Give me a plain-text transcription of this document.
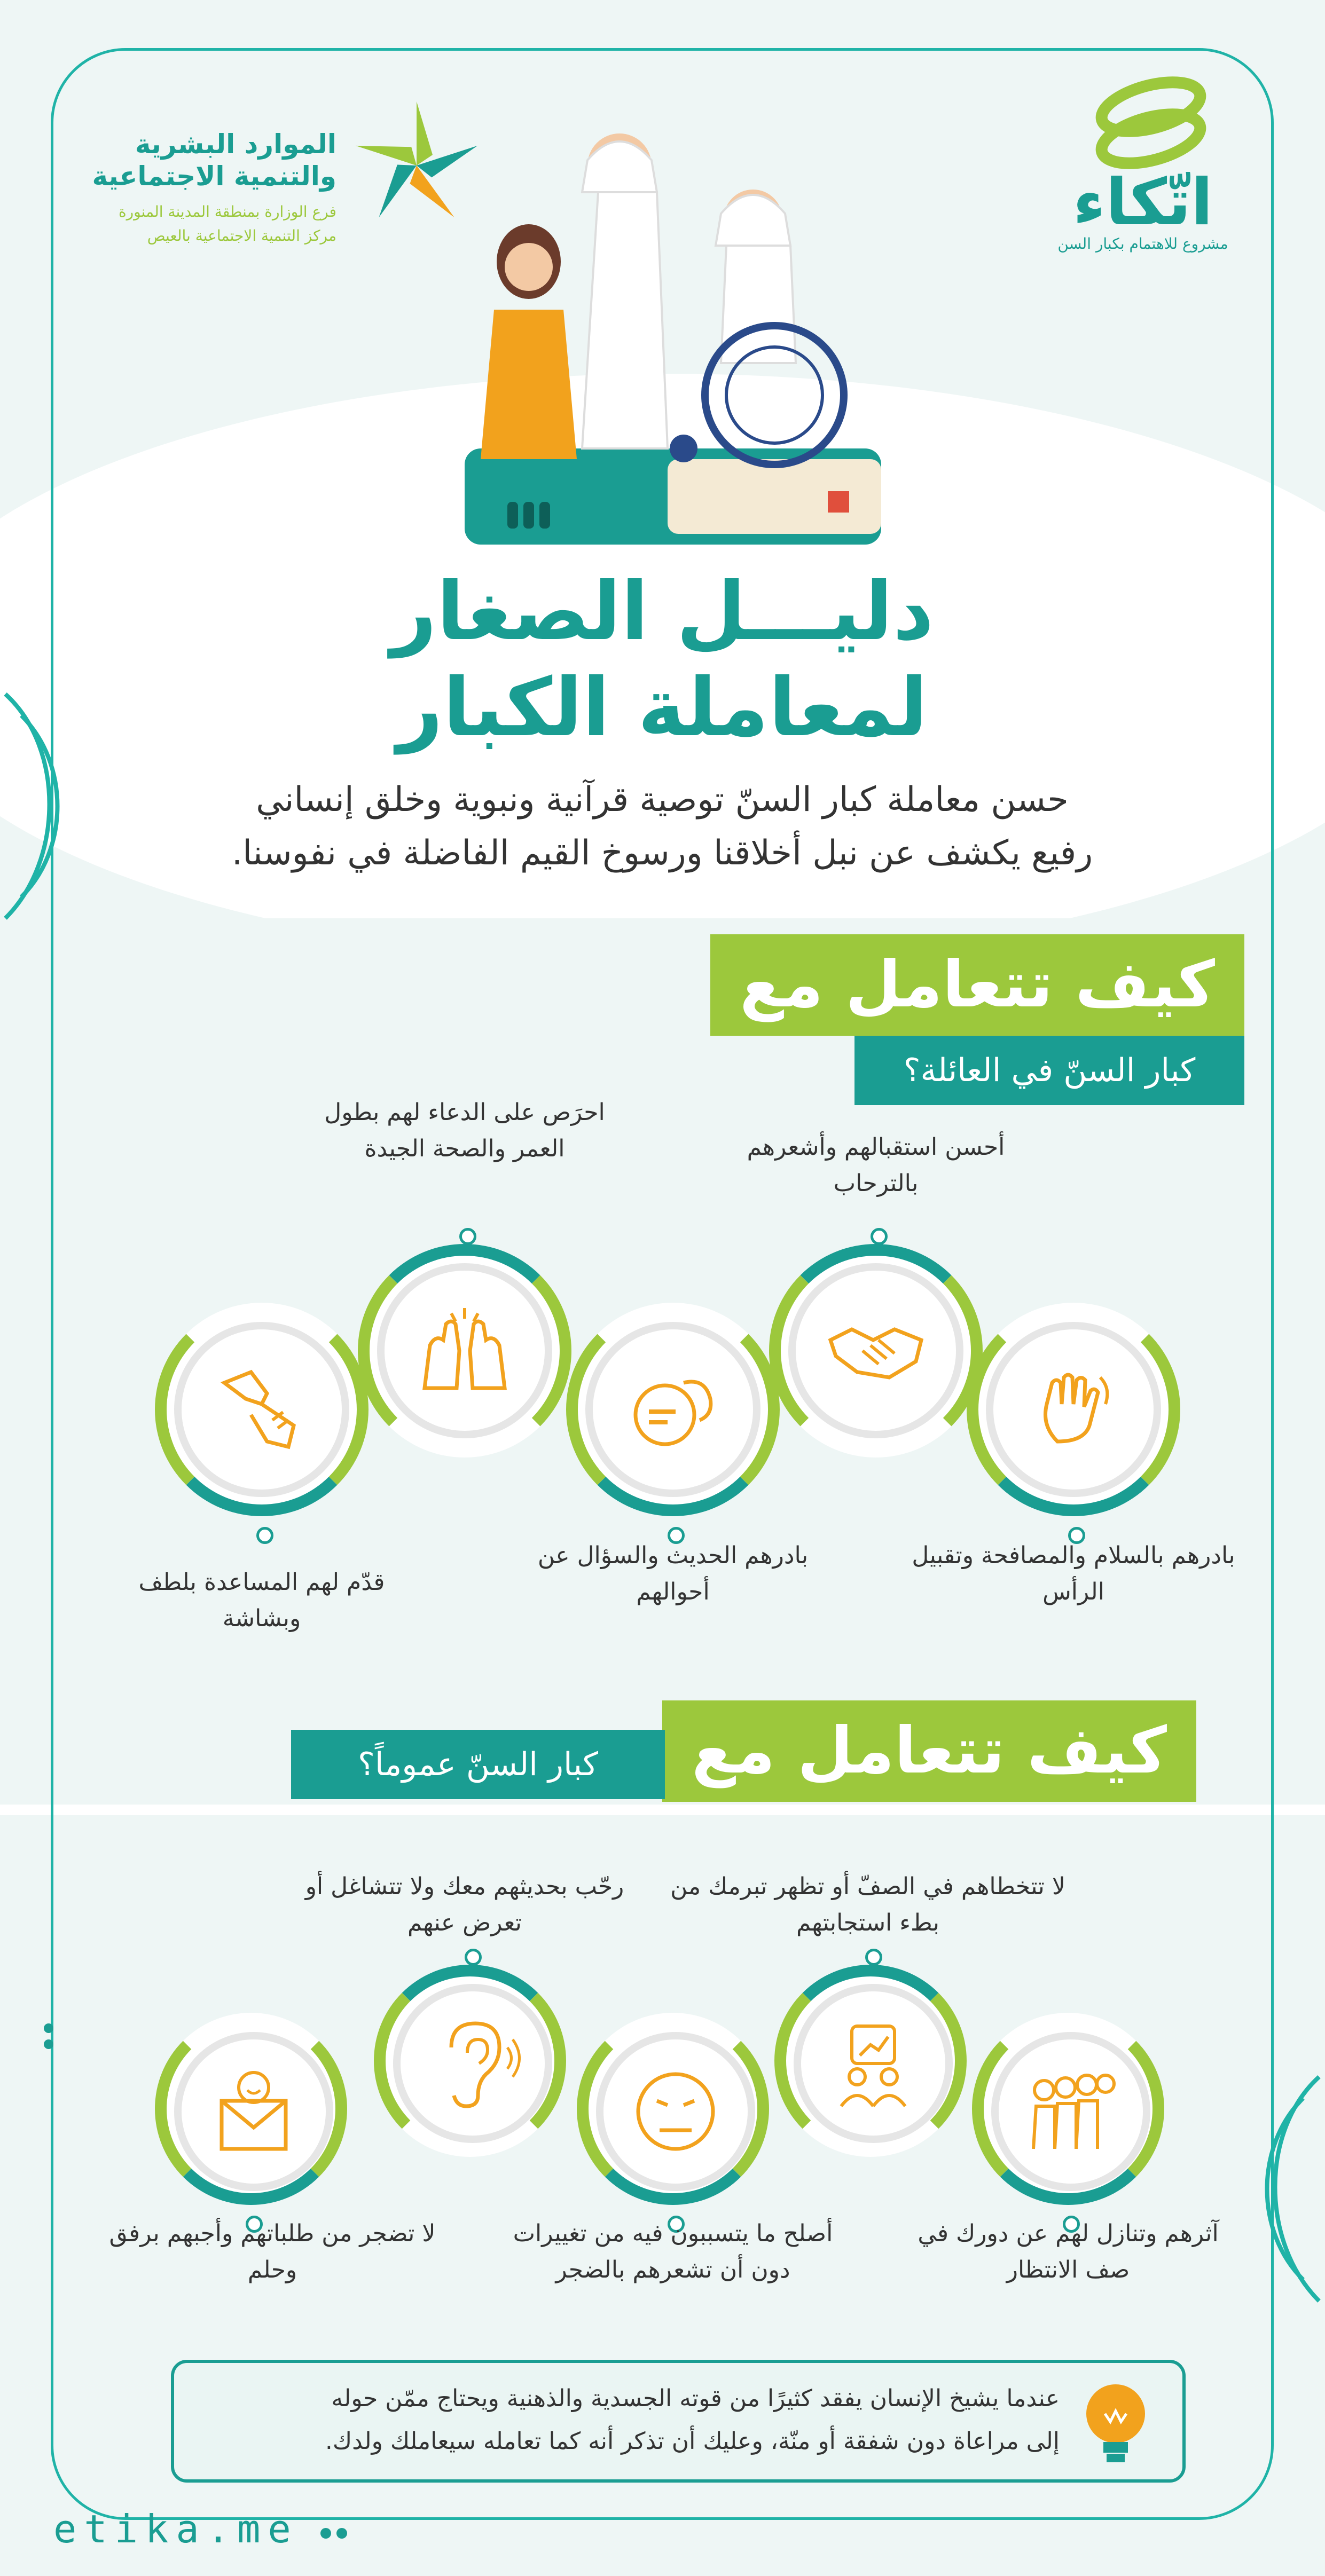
اتّكاء
مشروع للاهتمام بكبار السن
الموارد البشرية والتنمية الاجتماعية
فرع الوزارة بمنطقة المدينة المنورة
مركز التنمية الاجتماعية بالعيص
دليـــل الصغار
لمعاملة الكبار
حسن معاملة كبار السنّ توصية قرآنية ونبوية وخلق إنساني
رفيع يكشف عن نبل أخلاقنا ورسوخ القيم الفاضلة في نفوسنا.
كيف تتعامل مع
كبار السنّ في العائلة؟
بادرهم بالسلام والمصافحة وتقبيل الرأس
أحسن استقبالهم وأشعرهم بالترحاب
بادرهم الحديث والسؤال عن أحوالهم
احرَص على الدعاء لهم بطول العمر والصحة الجيدة
قدّم لهم المساعدة بلطف وبشاشة
كيف تتعامل مع
كبار السنّ عموماً؟
آثرهم وتنازل لهم عن دورك في صف الانتظار
لا تتخطاهم في الصفّ أو تظهر تبرمك من بطء استجابتهم
أصلح ما يتسببون فيه من تغييرات دون أن تشعرهم بالضجر
رحّب بحديثهم معك ولا تتشاغل أو تعرض عنهم
لا تضجر من طلباتهم وأجبهم برفق وحلم
عندما يشيخ الإنسان يفقد كثيرًا من قوته الجسدية والذهنية ويحتاج ممّن حوله
إلى مراعاة دون شفقة أو منّة، وعليك أن تذكر أنه كما تعامله سيعاملك ولدك.
etika.me
